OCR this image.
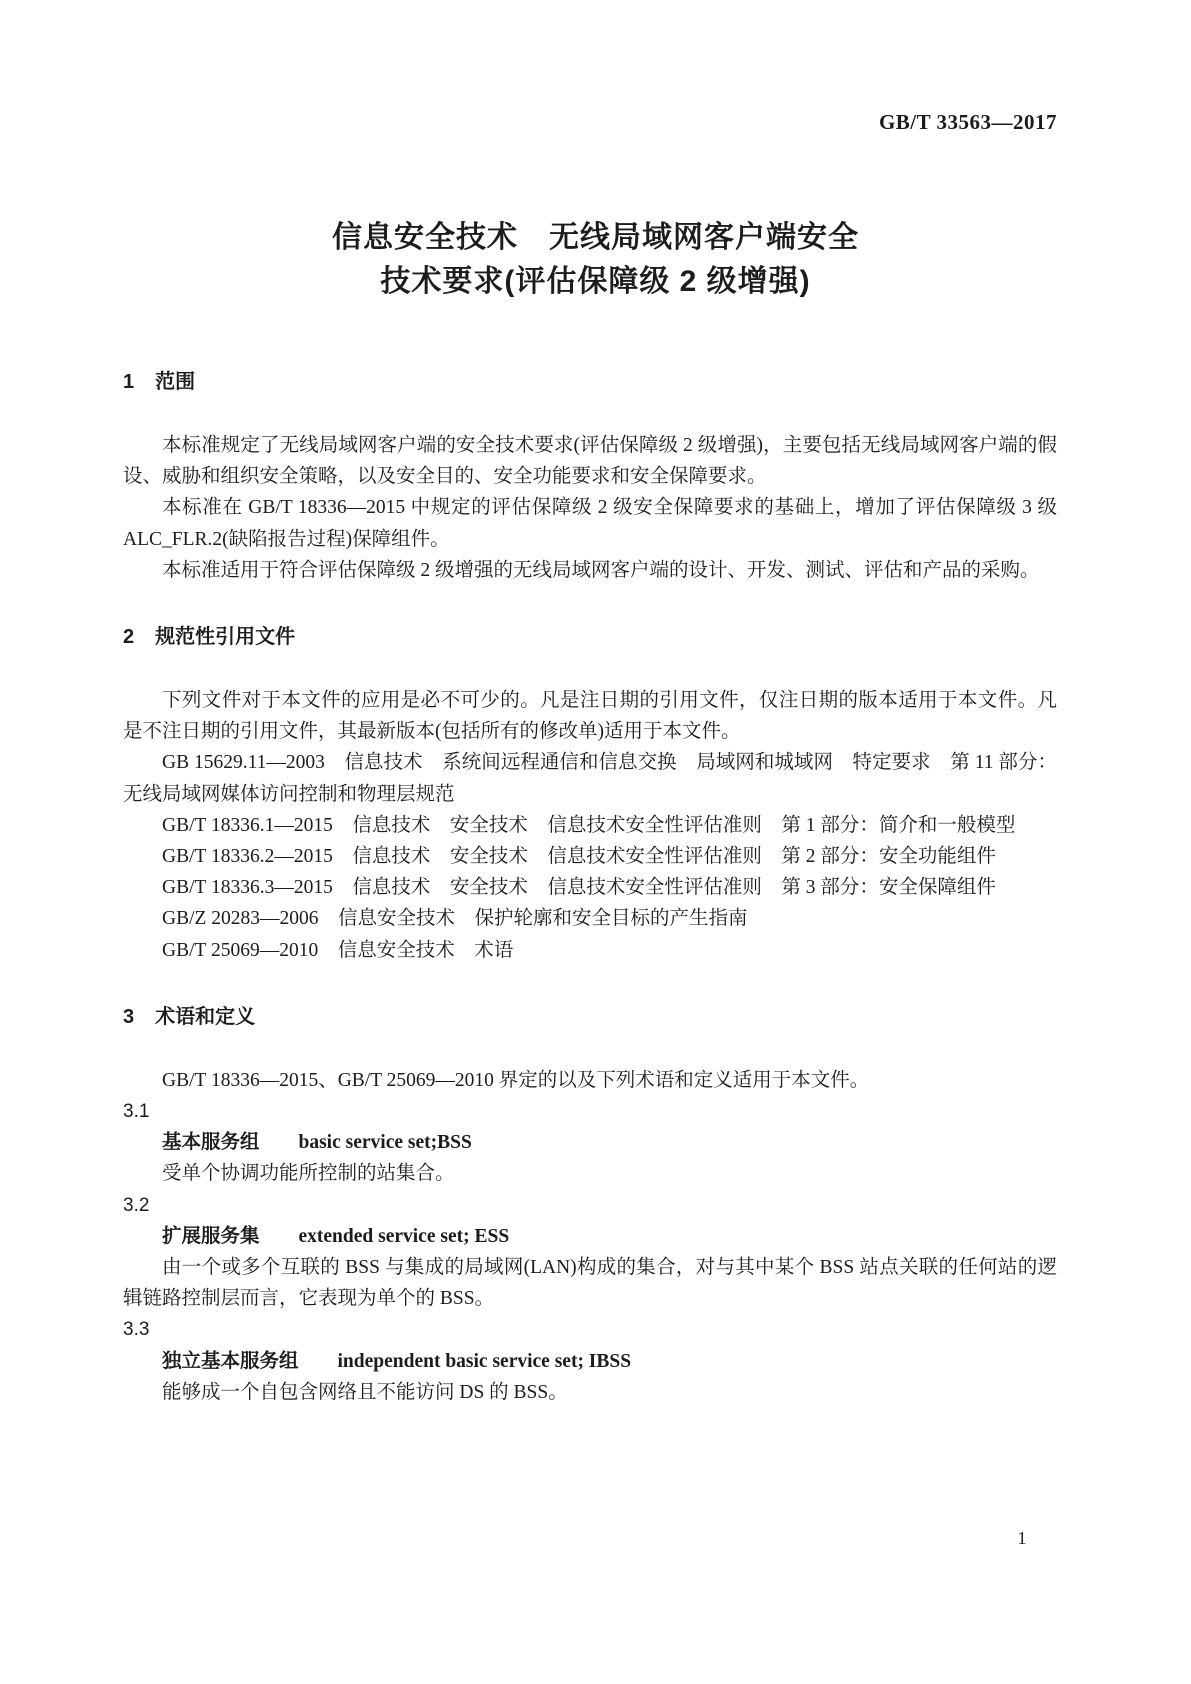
GB/T 33563—2017
信息安全技术　无线局域网客户端安全
技术要求(评估保障级 2 级增强)
1 范围

本标准规定了无线局域网客户端的安全技术要求(评估保障级 2 级增强)，主要包括无线局域网客户端的假设、威胁和组织安全策略，以及安全目的、安全功能要求和安全保障要求。

本标准在 GB/T 18336—2015 中规定的评估保障级 2 级安全保障要求的基础上，增加了评估保障级 3 级 ALC_FLR.2(缺陷报告过程)保障组件。

本标准适用于符合评估保障级 2 级增强的无线局域网客户端的设计、开发、测试、评估和产品的采购。

2 规范性引用文件

下列文件对于本文件的应用是必不可少的。凡是注日期的引用文件，仅注日期的版本适用于本文件。凡是不注日期的引用文件，其最新版本(包括所有的修改单)适用于本文件。

GB 15629.11—2003　信息技术　系统间远程通信和信息交换　局域网和城域网　特定要求　第 11 部分：无线局域网媒体访问控制和物理层规范

GB/T 18336.1—2015　信息技术　安全技术　信息技术安全性评估准则　第 1 部分：简介和一般模型

GB/T 18336.2—2015　信息技术　安全技术　信息技术安全性评估准则　第 2 部分：安全功能组件

GB/T 18336.3—2015　信息技术　安全技术　信息技术安全性评估准则　第 3 部分：安全保障组件

GB/Z 20283—2006　信息安全技术　保护轮廓和安全目标的产生指南

GB/T 25069—2010　信息安全技术　术语

3 术语和定义

GB/T 18336—2015、GB/T 25069—2010 界定的以及下列术语和定义适用于本文件。

3.1
基本服务组　　basic service set;BSS

受单个协调功能所控制的站集合。

3.2
扩展服务集　　extended service set; ESS

由一个或多个互联的 BSS 与集成的局域网(LAN)构成的集合，对与其中某个 BSS 站点关联的任何站的逻辑链路控制层而言，它表现为单个的 BSS。

3.3
独立基本服务组　　independent basic service set; IBSS

能够成一个自包含网络且不能访问 DS 的 BSS。

1
